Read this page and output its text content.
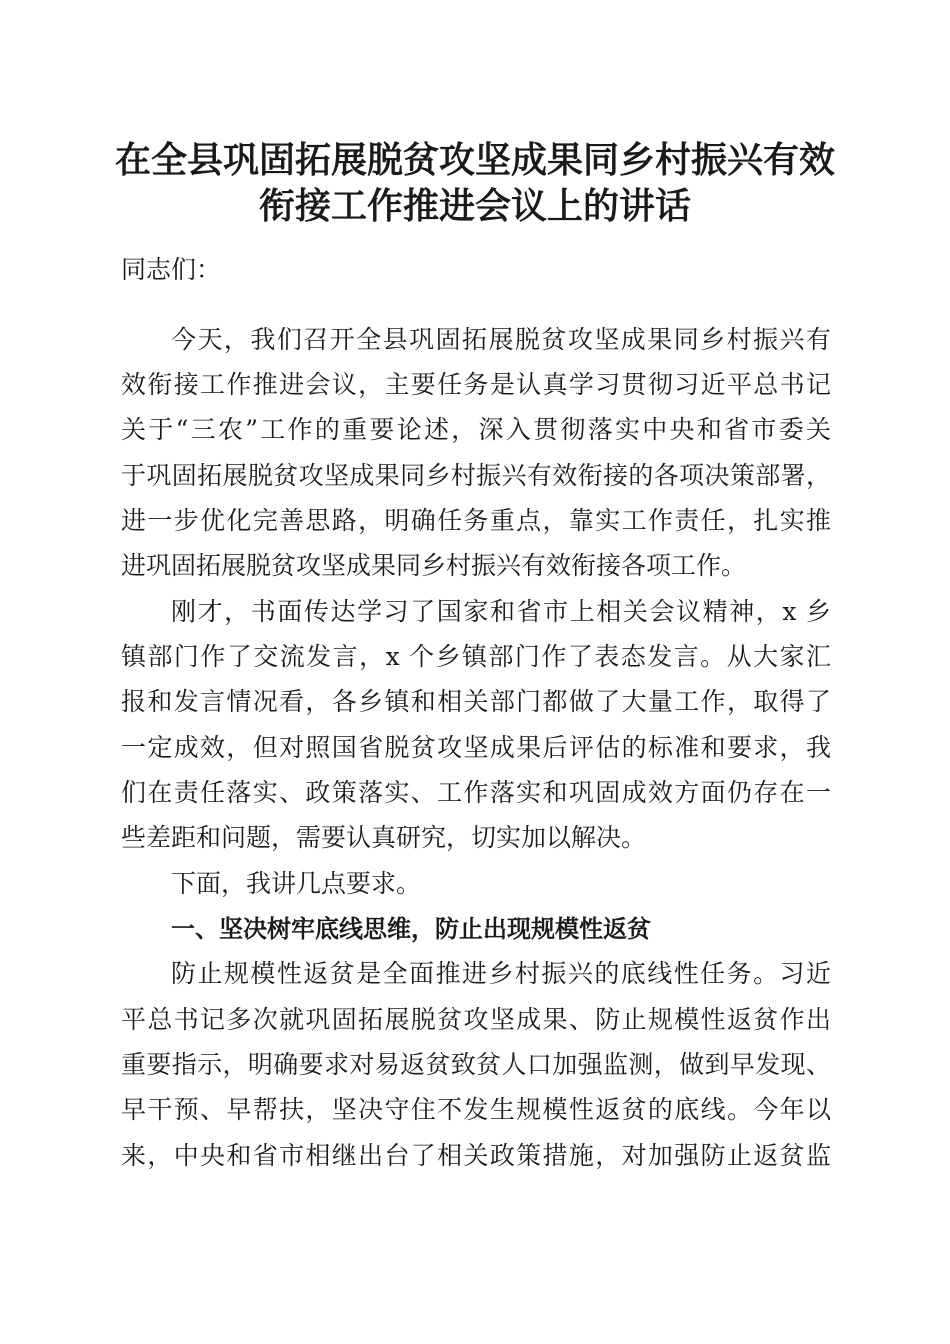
在全县巩固拓展脱贫攻坚成果同乡村振兴有效
衔接工作推进会议上的讲话
同志们：
今天，我们召开全县巩固拓展脱贫攻坚成果同乡村振兴有
效衔接工作推进会议，主要任务是认真学习贯彻习近平总书记
关于“三农”工作的重要论述，深入贯彻落实中央和省市委关
于巩固拓展脱贫攻坚成果同乡村振兴有效衔接的各项决策部署，
进一步优化完善思路，明确任务重点，靠实工作责任，扎实推
进巩固拓展脱贫攻坚成果同乡村振兴有效衔接各项工作。
刚才，书面传达学习了国家和省市上相关会议精神，x 乡
镇部门作了交流发言，x 个乡镇部门作了表态发言。从大家汇
报和发言情况看，各乡镇和相关部门都做了大量工作，取得了
一定成效，但对照国省脱贫攻坚成果后评估的标准和要求，我
们在责任落实、政策落实、工作落实和巩固成效方面仍存在一
些差距和问题，需要认真研究，切实加以解决。
下面，我讲几点要求。
一、坚决树牢底线思维，防止出现规模性返贫
防止规模性返贫是全面推进乡村振兴的底线性任务。习近
平总书记多次就巩固拓展脱贫攻坚成果、防止规模性返贫作出
重要指示，明确要求对易返贫致贫人口加强监测，做到早发现、
早干预、早帮扶，坚决守住不发生规模性返贫的底线。今年以
来，中央和省市相继出台了相关政策措施，对加强防止返贫监
